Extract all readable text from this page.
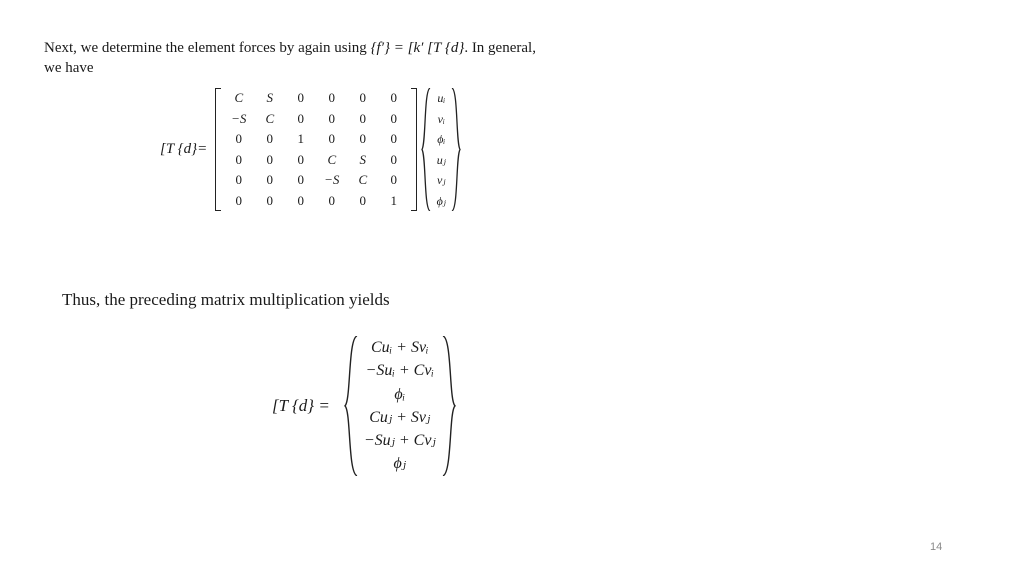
Next, we determine the element forces by again using {f′} = [k′ [T {d}. In general,
we have
[T {d}=
C	S	0	0	0	0
−S	C	0	0	0	0
0	0	1	0	0	0
0	0	0	C	S	0
0	0	0	−S	C	0
0	0	0	0	0	1
uᵢ
vᵢ
ϕᵢ
uⱼ
vⱼ
ϕⱼ
Thus, the preceding matrix multiplication yields
[T {d} =
Cuᵢ + Svᵢ
−Suᵢ + Cvᵢ
ϕᵢ
Cuⱼ + Svⱼ
−Suⱼ + Cvⱼ
ϕⱼ
14
